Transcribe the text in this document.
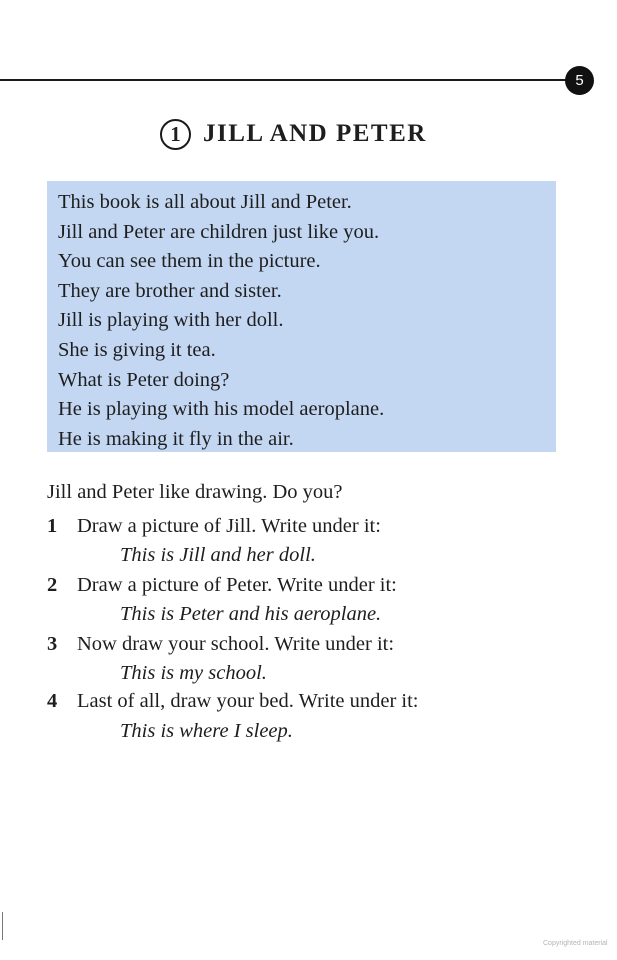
5
1 JILL AND PETER
This book is all about Jill and Peter.
Jill and Peter are children just like you.
You can see them in the picture.
They are brother and sister.
Jill is playing with her doll.
She is giving it tea.
What is Peter doing?
He is playing with his model aeroplane.
He is making it fly in the air.
Jill and Peter like drawing. Do you?
1 Draw a picture of Jill. Write under it:
This is Jill and her doll.
2 Draw a picture of Peter. Write under it:
This is Peter and his aeroplane.
3 Now draw your school. Write under it:
This is my school.
4 Last of all, draw your bed. Write under it:
This is where I sleep.
Copyrighted material
